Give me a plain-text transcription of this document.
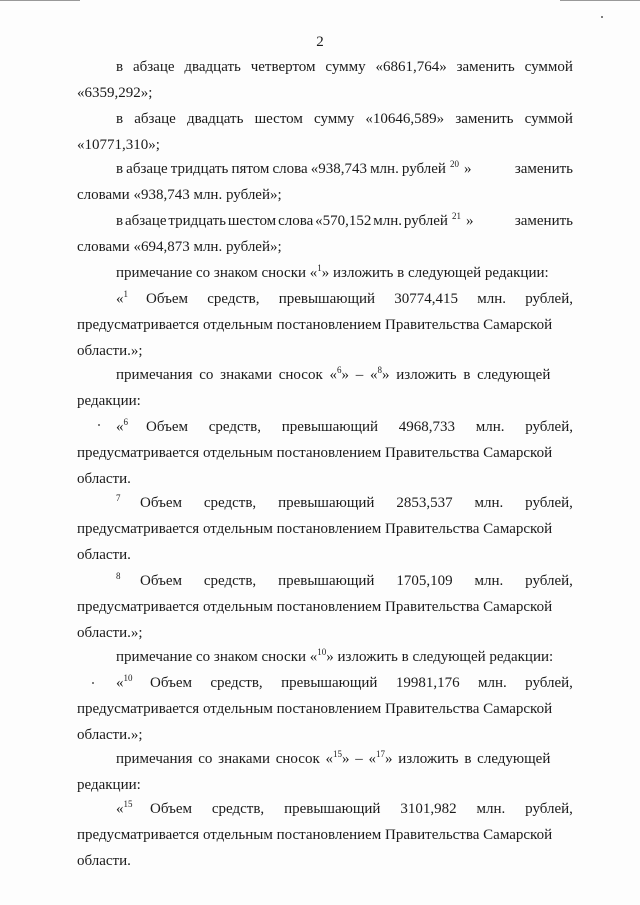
2
в абзаце двадцать четвертом сумму «6861,764» заменить суммой
«6359,292»;
в абзаце двадцать шестом сумму «10646,589» заменить суммой
«10771,310»;
в абзаце тридцать пятом слова «938,743 млн. рублей $^{20}$ »	заменить
словами «938,743 млн. рублей»;
в абзаце тридцать шестом слова «570,152 млн. рублей $^{21}$ »	заменить
словами «694,873 млн. рублей»;
примечание со знаком сноски «$^1$» изложить в следующей редакции:
«$^1$ Объем средств, превышающий 30774,415 млн. рублей,
предусматривается отдельным постановлением Правительства Самарской
области.»;
примечания со знаками сносок «$^6$» – «$^8$» изложить в следующей
редакции:
«$^6$ Объем средств, превышающий 4968,733 млн. рублей,
предусматривается отдельным постановлением Правительства Самарской
области.
$^7$ Объем средств, превышающий 2853,537 млн. рублей,
предусматривается отдельным постановлением Правительства Самарской
области.
$^8$ Объем средств, превышающий 1705,109 млн. рублей,
предусматривается отдельным постановлением Правительства Самарской
области.»;
примечание со знаком сноски «$^{10}$» изложить в следующей редакции:
«$^{10}$ Объем средств, превышающий 19981,176 млн. рублей,
предусматривается отдельным постановлением Правительства Самарской
области.»;
примечания со знаками сносок «$^{15}$» – «$^{17}$» изложить в следующей
редакции:
«$^{15}$ Объем средств, превышающий 3101,982 млн. рублей,
предусматривается отдельным постановлением Правительства Самарской
области.
